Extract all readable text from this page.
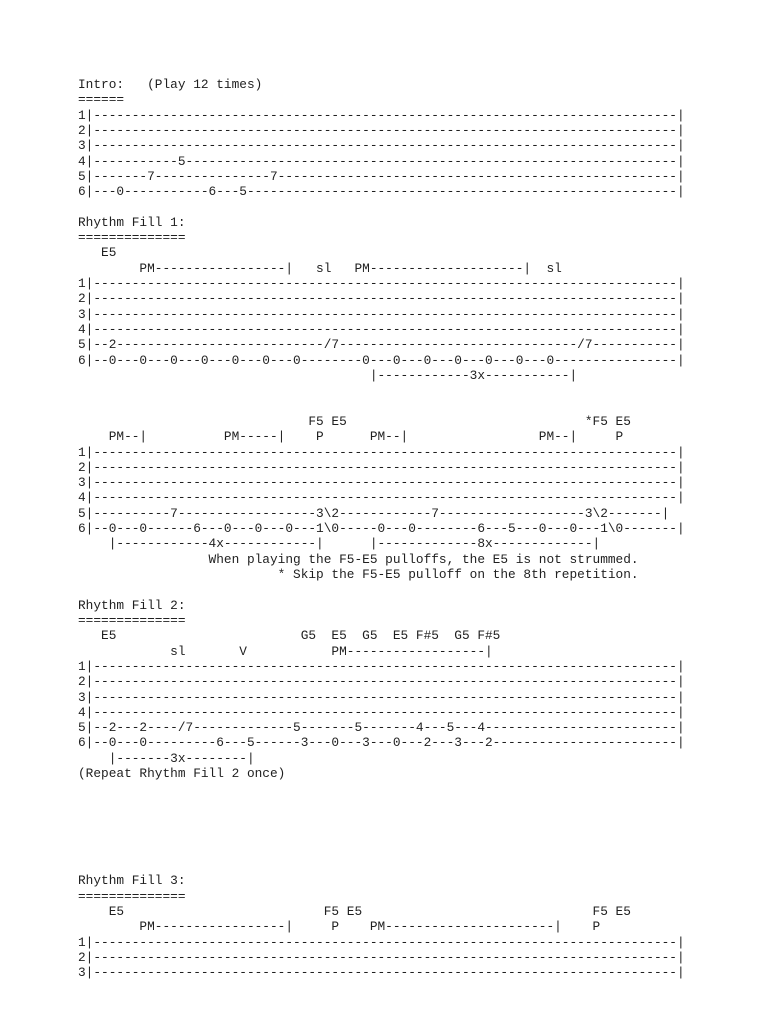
Intro:   (Play 12 times)
======
1|----------------------------------------------------------------------------|
2|----------------------------------------------------------------------------|
3|----------------------------------------------------------------------------|
4|-----------5----------------------------------------------------------------|
5|-------7---------------7----------------------------------------------------|
6|---0-----------6---5--------------------------------------------------------|
Rhythm Fill 1:
==============
E5
PM-----------------|   sl   PM--------------------|  sl
1|----------------------------------------------------------------------------|
2|----------------------------------------------------------------------------|
3|----------------------------------------------------------------------------|
4|----------------------------------------------------------------------------|
5|--2---------------------------/7-------------------------------/7-----------|
6|--0---0---0---0---0---0---0--------0---0---0---0---0---0---0----------------|
|------------3x-----------|
F5 E5                               *F5 E5
PM--|          PM-----|    P      PM--|                 PM--|     P
1|----------------------------------------------------------------------------|
2|----------------------------------------------------------------------------|
3|----------------------------------------------------------------------------|
4|----------------------------------------------------------------------------|
5|----------7------------------3\2------------7-------------------3\2-------|
6|--0---0------6---0---0---0---1\0-----0---0--------6---5---0---0---1\0-------|
|------------4x------------|      |-------------8x-------------|
When playing the F5-E5 pulloffs, the E5 is not strummed.
* Skip the F5-E5 pulloff on the 8th repetition.
Rhythm Fill 2:
==============
E5                        G5  E5  G5  E5 F#5  G5 F#5
sl       V           PM------------------|
1|----------------------------------------------------------------------------|
2|----------------------------------------------------------------------------|
3|----------------------------------------------------------------------------|
4|----------------------------------------------------------------------------|
5|--2---2----/7-------------5-------5-------4---5---4-------------------------|
6|--0---0---------6---5------3---0---3---0---2---3---2------------------------|
|-------3x--------|
(Repeat Rhythm Fill 2 once)
Rhythm Fill 3:
==============
E5                          F5 E5                              F5 E5
PM-----------------|     P    PM----------------------|    P
1|----------------------------------------------------------------------------|
2|----------------------------------------------------------------------------|
3|----------------------------------------------------------------------------|
